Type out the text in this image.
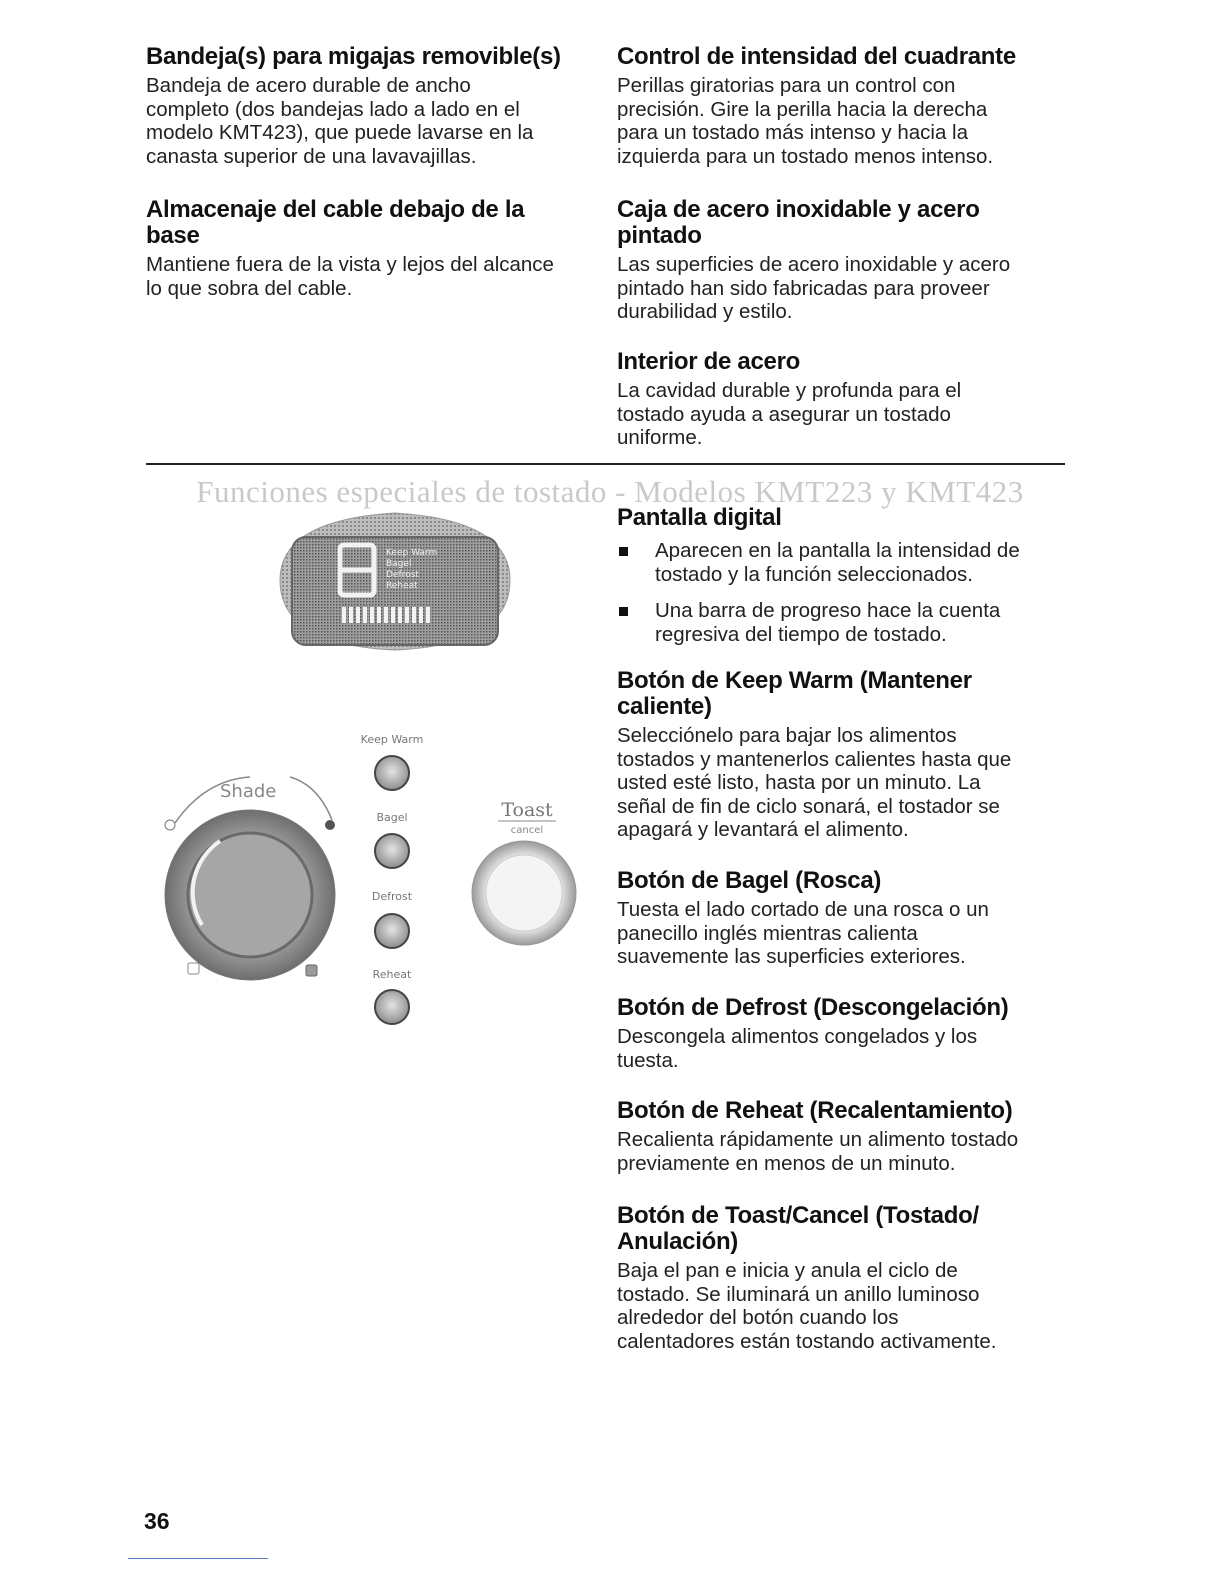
Bandeja(s) para migajas removible(s)

Bandeja de acero durable de ancho
completo (dos bandejas lado a lado en el
modelo KMT423), que puede lavarse en la
canasta superior de una lavavajillas.

Almacenaje del cable debajo de la
base

Mantiene fuera de la vista y lejos del alcance
lo que sobra del cable.

Control de intensidad del cuadrante

Perillas giratorias para un control con
precisión. Gire la perilla hacia la derecha
para un tostado más intenso y hacia la
izquierda para un tostado menos intenso.

Caja de acero inoxidable y acero
pintado

Las superficies de acero inoxidable y acero
pintado han sido fabricadas para proveer
durabilidad y estilo.

Interior de acero

La cavidad durable y profunda para el
tostado ayuda a asegurar un tostado
uniforme.

Funciones especiales de tostado - Modelos KMT223 y KMT423
Keep Warm
Bagel
Defrost
Reheat
Shade
Keep Warm
Bagel
Defrost
Reheat
Toast
cancel
Pantalla digital
Aparecen en la pantalla la intensidad de
tostado y la función seleccionados.
Una barra de progreso hace la cuenta
regresiva del tiempo de tostado.
Botón de Keep Warm (Mantener
caliente)

Selecciónelo para bajar los alimentos
tostados y mantenerlos calientes hasta que
usted esté listo, hasta por un minuto. La
señal de fin de ciclo sonará, el tostador se
apagará y levantará el alimento.

Botón de Bagel (Rosca)

Tuesta el lado cortado de una rosca o un
panecillo inglés mientras calienta
suavemente las superficies exteriores.

Botón de Defrost (Descongelación)

Descongela alimentos congelados y los
tuesta.

Botón de Reheat (Recalentamiento)

Recalienta rápidamente un alimento tostado
previamente en menos de un minuto.

Botón de Toast/Cancel (Tostado/
Anulación)

Baja el pan e inicia y anula el ciclo de
tostado. Se iluminará un anillo luminoso
alrededor del botón cuando los
calentadores están tostando activamente.

36
